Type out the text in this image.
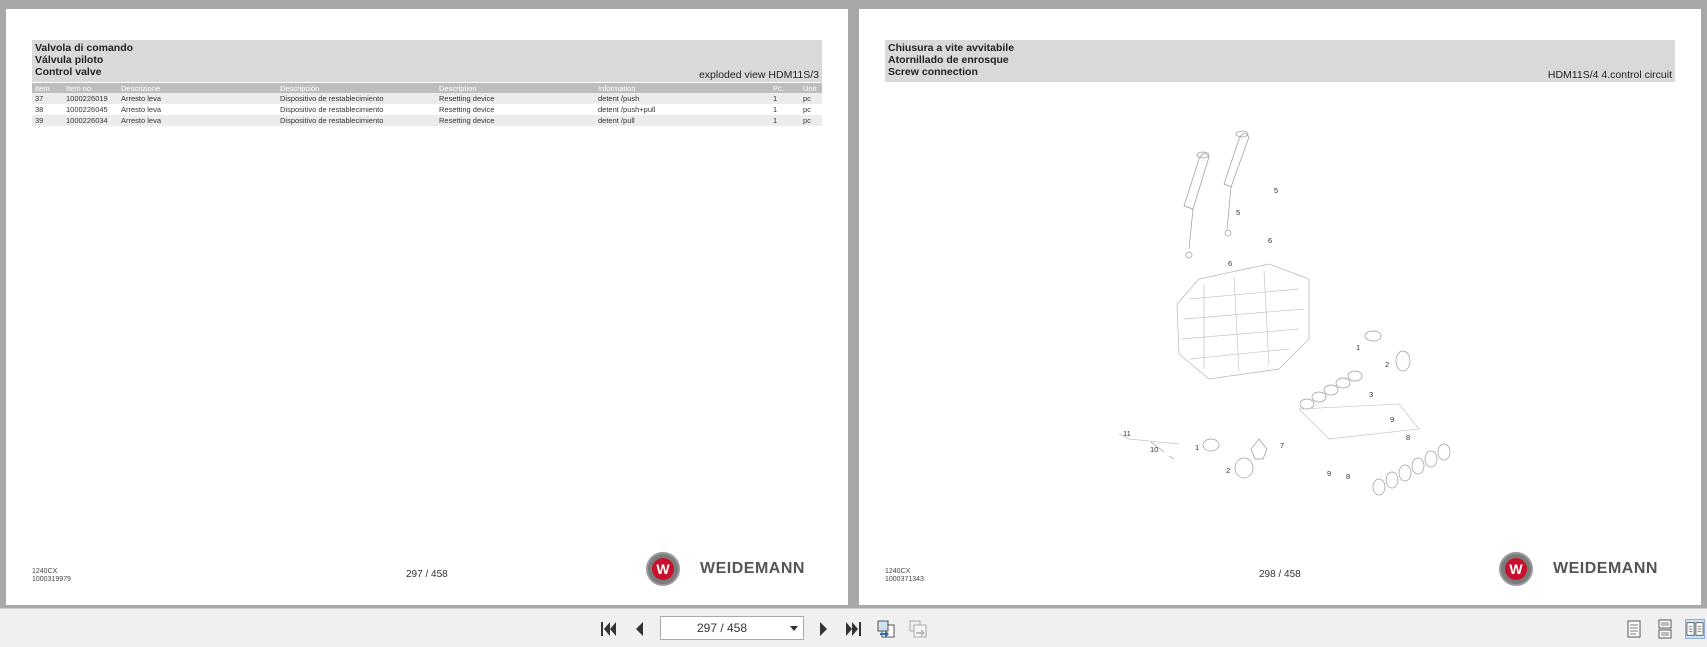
Valvola di comando
Válvula piloto
Control valve	exploded view HDM11S/3
Item	Item no.	Descrizione	Descripción	Description	Information	Pc.	Unit
37	1000226019	Arresto leva	Dispositivo de restablecimiento	Resetting device	detent /push	1	pc
38	1000226045	Arresto leva	Dispositivo de restablecimiento	Resetting device	detent /push+pull	1	pc
39	1000226034	Arresto leva	Dispositivo de restablecimiento	Resetting device	detent /pull	1	pc
1240CX
1000319979	297 / 458	W WEIDEMANN
Chiusura a vite avvitabile
Atornillado de enrosque
Screw connection	HDM11S/4 4.control circuit
5
5
6
6
1
2
3
9
8
7
11
10	1
2	9 8
1240CX
1000371343	298 / 458	W WEIDEMANN
297 / 458
